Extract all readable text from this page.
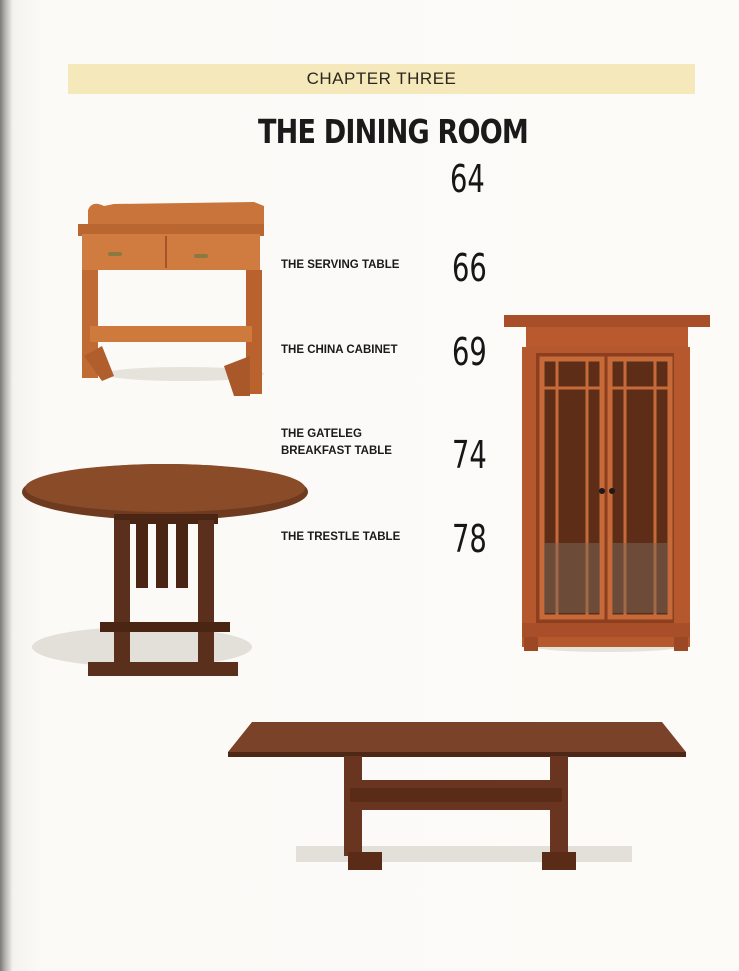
CHAPTER THREE
THE DINING ROOM
64
THE SERVING TABLE 66
THE CHINA CABINET 69
THE GATELEG
BREAKFAST TABLE 74
THE TRESTLE TABLE 78
